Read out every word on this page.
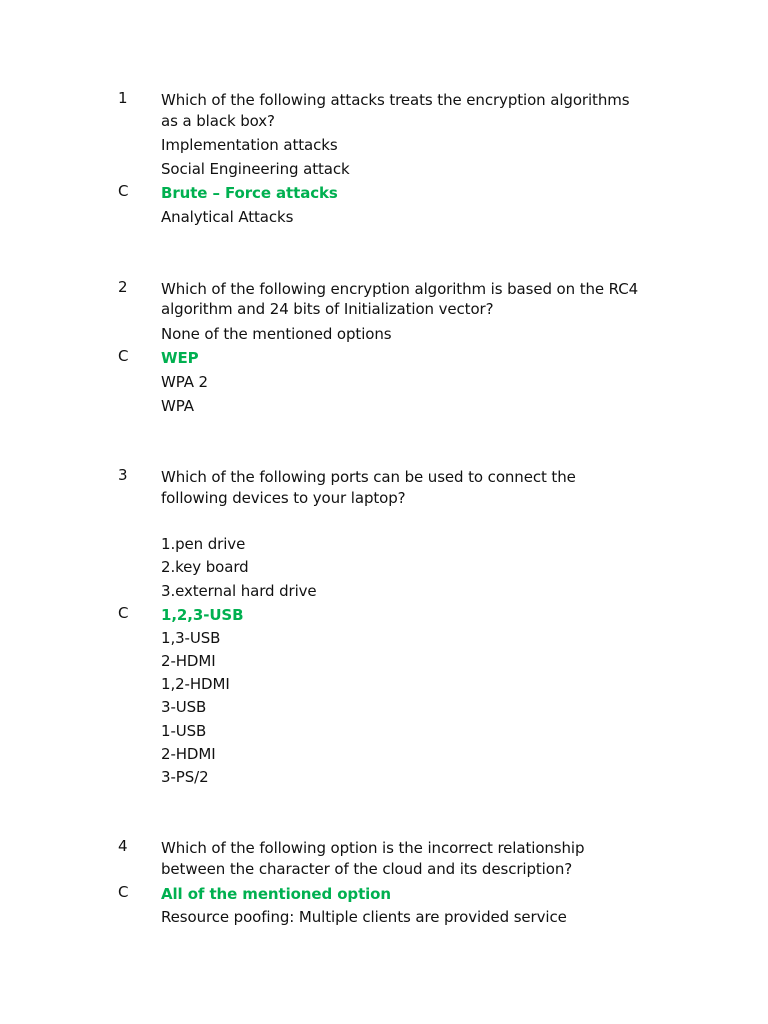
1 Which of the following attacks treats the encryption algorithms
as a black box?
Implementation attacks
Social Engineering attack
C Brute – Force attacks
Analytical Attacks
2 Which of the following encryption algorithm is based on the RC4
algorithm and 24 bits of Initialization vector?
None of the mentioned options
C WEP
WPA 2
WPA
3 Which of the following ports can be used to connect the
following devices to your laptop?
1.pen drive
2.key board
3.external hard drive
C 1,2,3-USB
1,3-USB
2-HDMI
1,2-HDMI
3-USB
1-USB
2-HDMI
3-PS/2
4 Which of the following option is the incorrect relationship
between the character of the cloud and its description?
C All of the mentioned option
Resource poofing: Multiple clients are provided service
